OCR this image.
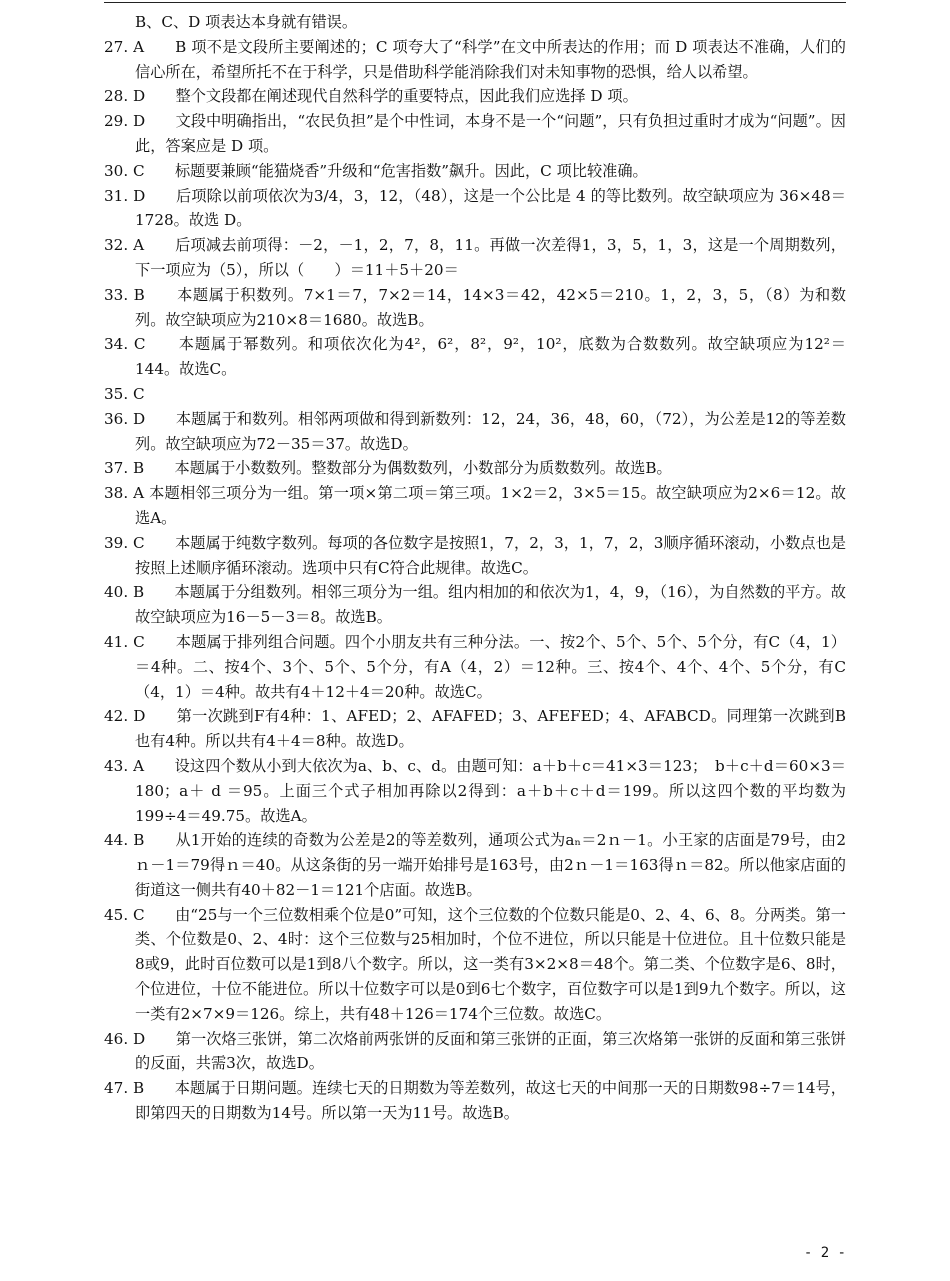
B、C、D 项表达本身就有错误。

27. A　　B 项不是文段所主要阐述的；C 项夸大了“科学”在文中所表达的作用；而 D 项表达不准确，人们的信心所在，希望所托不在于科学，只是借助科学能消除我们对未知事物的恐惧，给人以希望。

28. D　　整个文段都在阐述现代自然科学的重要特点，因此我们应选择 D 项。

29. D　　文段中明确指出，“农民负担”是个中性词，本身不是一个“问题”，只有负担过重时才成为“问题”。因此，答案应是 D 项。

30. C　　标题要兼顾“能猫烧香”升级和“危害指数”飙升。因此，C 项比较准确。

31. D　　后项除以前项依次为3/4，3，12，（48），这是一个公比是 4 的等比数列。故空缺项应为 36×48＝1728。故选 D。

32. A　　后项减去前项得：－2，－1，2，7，8，11。再做一次差得1，3，5，1，3，这是一个周期数列，下一项应为（5），所以（　　）＝11＋5＋20＝

33. B　　本题属于积数列。7×1＝7，7×2＝14，14×3＝42，42×5＝210。1，2，3，5，（8）为和数列。故空缺项应为210×8＝1680。故选B。

34. C　　本题属于幂数列。和项依次化为4²，6²，8²，9²，10²，底数为合数数列。故空缺项应为12²＝144。故选C。

35. C

36. D　　本题属于和数列。相邻两项做和得到新数列：12，24，36，48，60，（72），为公差是12的等差数列。故空缺项应为72－35＝37。故选D。

37. B　　本题属于小数数列。整数部分为偶数数列，小数部分为质数数列。故选B。

38. A 本题相邻三项分为一组。第一项×第二项＝第三项。1×2＝2，3×5＝15。故空缺项应为2×6＝12。故选A。

39. C　　本题属于纯数字数列。每项的各位数字是按照1，7，2，3，1，7，2，3顺序循环滚动，小数点也是按照上述顺序循环滚动。选项中只有C符合此规律。故选C。

40. B　　本题属于分组数列。相邻三项分为一组。组内相加的和依次为1，4，9，（16），为自然数的平方。故故空缺项应为16－5－3＝8。故选B。

41. C　　本题属于排列组合问题。四个小朋友共有三种分法。一、按2个、5个、5个、5个分，有C（4，1）＝4种。二、按4个、3个、5个、5个分，有A（4，2）＝12种。三、按4个、4个、4个、5个分，有C（4，1）＝4种。故共有4＋12＋4＝20种。故选C。

42. D　　第一次跳到F有4种：1、AFED；2、AFAFED；3、AFEFED；4、AFABCD。同理第一次跳到B也有4种。所以共有4＋4＝8种。故选D。

43. A　　设这四个数从小到大依次为a、b、c、d。由题可知：a＋b＋c＝41×3＝123；　b＋c＋d＝60×3＝180；a＋ d ＝95。上面三个式子相加再除以2得到：a＋b＋c＋d＝199。所以这四个数的平均数为199÷4＝49.75。故选A。

44. B　　从1开始的连续的奇数为公差是2的等差数列，通项公式为aₙ＝2ｎ－1。小王家的店面是79号，由2ｎ－1＝79得ｎ＝40。从这条街的另一端开始排号是163号，由2ｎ－1＝163得ｎ＝82。所以他家店面的街道这一侧共有40＋82－1＝121个店面。故选B。

45. C　　由“25与一个三位数相乘个位是0”可知，这个三位数的个位数只能是0、2、4、6、8。分两类。第一类、个位数是0、2、4时：这个三位数与25相加时，个位不进位，所以只能是十位进位。且十位数只能是8或9，此时百位数可以是1到8八个数字。所以，这一类有3×2×8＝48个。第二类、个位数字是6、8时，个位进位，十位不能进位。所以十位数字可以是0到6七个数字，百位数字可以是1到9九个数字。所以，这一类有2×7×9＝126。综上，共有48＋126＝174个三位数。故选C。

46. D　　第一次烙三张饼，第二次烙前两张饼的反面和第三张饼的正面，第三次烙第一张饼的反面和第三张饼的反面，共需3次，故选D。

47. B　　本题属于日期问题。连续七天的日期数为等差数列，故这七天的中间那一天的日期数98÷7＝14号，即第四天的日期数为14号。所以第一天为11号。故选B。

- 2 -
